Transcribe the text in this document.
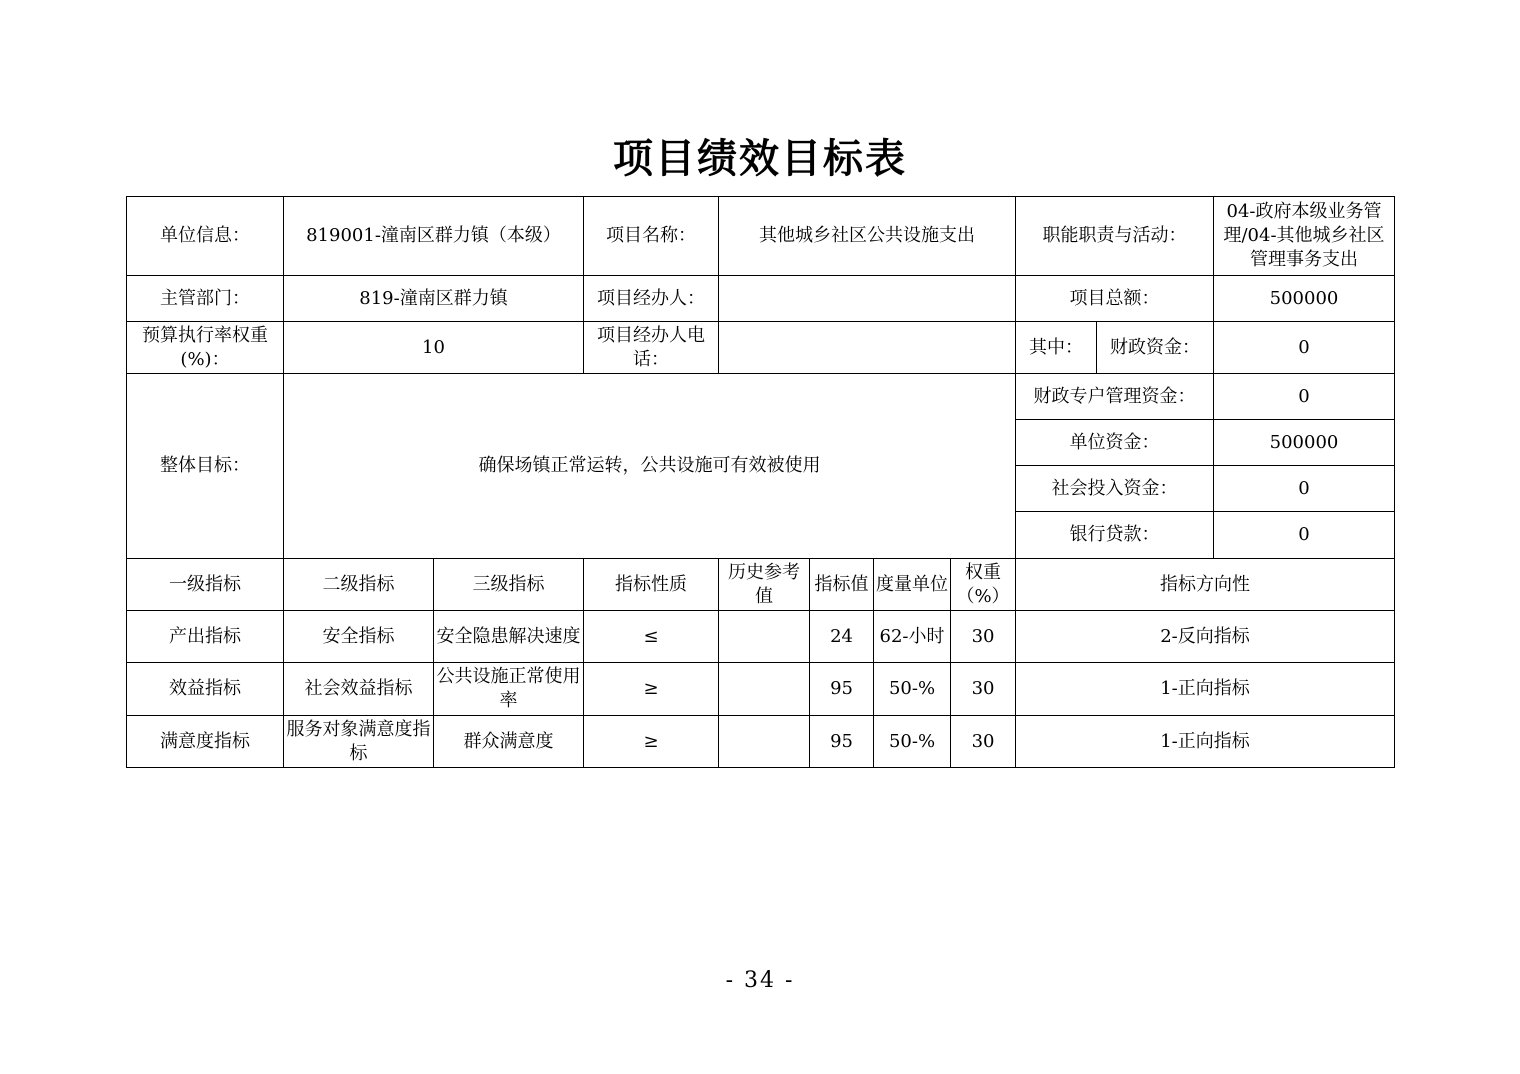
项目绩效目标表
单位信息：	819001-潼南区群力镇（本级）		项目名称：	其他城乡社区公共设施支出				职能职责与活动：		04-政府本级业务管理/04-其他城乡社区管理事务支出
主管部门：	819-潼南区群力镇		项目经办人：					项目总额：		500000
预算执行率权重(%)：	10		项目经办人电话：					其中：	财政资金：	0
整体目标：	确保场镇正常运转，公共设施可有效被使用							财政专户管理资金：		0
								单位资金：		500000
								社会投入资金：		0
								银行贷款：		0
一级指标	二级指标	三级指标	指标性质	历史参考值	指标值	度量单位	权重（%）	指标方向性		
产出指标	安全指标	安全隐患解决速度	≤		24	62-小时	30	2-反向指标		
效益指标	社会效益指标	公共设施正常使用率	≥		95	50-%	30	1-正向指标		
满意度指标	服务对象满意度指标	群众满意度	≥		95	50-%	30	1-正向指标		
- 34 -
